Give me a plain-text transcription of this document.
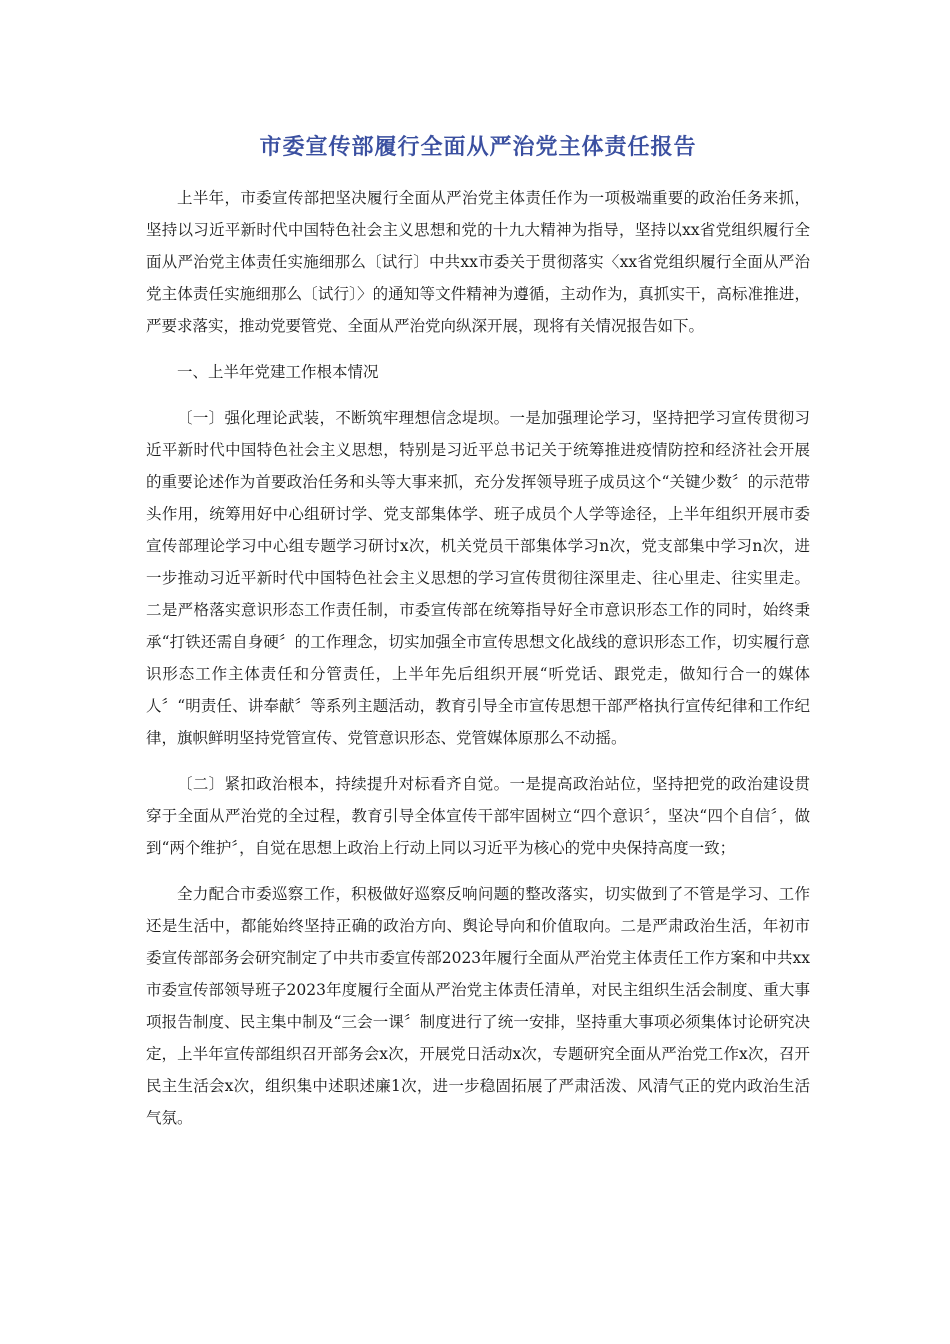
市委宣传部履行全面从严治党主体责任报告

上半年，市委宣传部把坚决履行全面从严治党主体责任作为一项极端重要的政治任务来抓，坚持以习近平新时代中国特色社会主义思想和党的十九大精神为指导，坚持以xx省党组织履行全面从严治党主体责任实施细那么〔试行〕中共xx市委关于贯彻落实〈xx省党组织履行全面从严治党主体责任实施细那么〔试行〕〉的通知等文件精神为遵循，主动作为，真抓实干，高标准推进，严要求落实，推动党要管党、全面从严治党向纵深开展，现将有关情况报告如下。

一、上半年党建工作根本情况

〔一〕强化理论武装，不断筑牢理想信念堤坝。一是加强理论学习，坚持把学习宣传贯彻习近平新时代中国特色社会主义思想，特别是习近平总书记关于统筹推进疫情防控和经济社会开展的重要论述作为首要政治任务和头等大事来抓，充分发挥领导班子成员这个“关键少数〞的示范带头作用，统筹用好中心组研讨学、党支部集体学、班子成员个人学等途径，上半年组织开展市委宣传部理论学习中心组专题学习研讨x次，机关党员干部集体学习n次，党支部集中学习n次，进一步推动习近平新时代中国特色社会主义思想的学习宣传贯彻往深里走、往心里走、往实里走。二是严格落实意识形态工作责任制，市委宣传部在统筹指导好全市意识形态工作的同时，始终秉承“打铁还需自身硬〞的工作理念，切实加强全市宣传思想文化战线的意识形态工作，切实履行意识形态工作主体责任和分管责任，上半年先后组织开展“听党话、跟党走，做知行合一的媒体人〞“明责任、讲奉献〞等系列主题活动，教育引导全市宣传思想干部严格执行宣传纪律和工作纪律，旗帜鲜明坚持党管宣传、党管意识形态、党管媒体原那么不动摇。

〔二〕紧扣政治根本，持续提升对标看齐自觉。一是提高政治站位，坚持把党的政治建设贯穿于全面从严治党的全过程，教育引导全体宣传干部牢固树立“四个意识〞，坚决“四个自信〞，做到“两个维护〞，自觉在思想上政治上行动上同以习近平为核心的党中央保持高度一致；

全力配合市委巡察工作，积极做好巡察反响问题的整改落实，切实做到了不管是学习、工作还是生活中，都能始终坚持正确的政治方向、舆论导向和价值取向。二是严肃政治生活，年初市委宣传部部务会研究制定了中共市委宣传部2023年履行全面从严治党主体责任工作方案和中共xx市委宣传部领导班子2023年度履行全面从严治党主体责任清单，对民主组织生活会制度、重大事项报告制度、民主集中制及“三会一课〞制度进行了统一安排，坚持重大事项必须集体讨论研究决定，上半年宣传部组织召开部务会x次，开展党日活动x次，专题研究全面从严治党工作x次，召开民主生活会x次，组织集中述职述廉1次，进一步稳固拓展了严肃活泼、风清气正的党内政治生活气氛。
